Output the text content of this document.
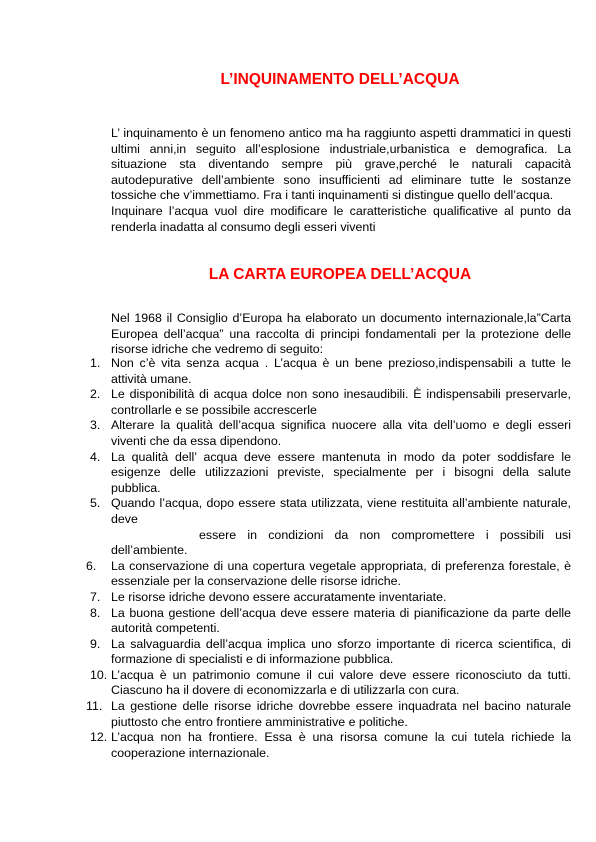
L’INQUINAMENTO DELL’ACQUA

L’ inquinamento è un fenomeno antico ma ha raggiunto aspetti drammatici in questi ultimi anni,in seguito all’esplosione industriale,urbanistica e demografica. La situazione sta diventando sempre più grave,perché le naturali capacità autodepurative dell’ambiente sono insufficienti ad eliminare tutte le sostanze tossiche che v’immettiamo. Fra i tanti inquinamenti si distingue quello dell’acqua.

Inquinare l’acqua vuol dire modificare le caratteristiche qualificative al punto da renderla inadatta al consumo degli esseri viventi

LA CARTA EUROPEA DELL’ACQUA
Nel 1968 il Consiglio d’Europa ha elaborato un documento internazionale,la”Carta Europea dell’acqua” una raccolta di principi fondamentali per la protezione delle risorse idriche che vedremo di seguito:
1. Non c’è vita senza acqua . L’acqua è un bene prezioso,indispensabili a tutte le attività umane.
2. Le disponibilità di acqua dolce non sono inesaudibili. È indispensabili preservarle, controllarle e se possibile accrescerle
3. Alterare la qualità dell’acqua significa nuocere alla vita dell’uomo e degli esseri viventi che da essa dipendono.
4. La qualità dell’ acqua deve essere mantenuta in modo da poter soddisfare le esigenze delle utilizzazioni previste, specialmente per i bisogni della salute pubblica.
5. Quando l’acqua, dopo essere stata utilizzata, viene restituita all’ambiente naturale, deve
essere in condizioni da non compromettere i possibili usi
dell’ambiente.
6.	La conservazione di una copertura vegetale appropriata, di preferenza forestale, è essenziale per la conservazione delle risorse idriche.
7. Le risorse idriche devono essere accuratamente inventariate.
8. La buona gestione dell’acqua deve essere materia di pianificazione da parte delle autorità competenti.
9. La salvaguardia dell’acqua implica uno sforzo importante di ricerca scientifica, di formazione di specialisti e di informazione pubblica.
10. L’acqua è un patrimonio comune il cui valore deve essere riconosciuto da tutti. Ciascuno ha il dovere di economizzarla e di utilizzarla con cura.
11. La gestione delle risorse idriche dovrebbe essere inquadrata nel bacino naturale piuttosto che entro frontiere amministrative e politiche.
12. L’acqua non ha frontiere. Essa è una risorsa comune la cui tutela richiede la cooperazione internazionale.
